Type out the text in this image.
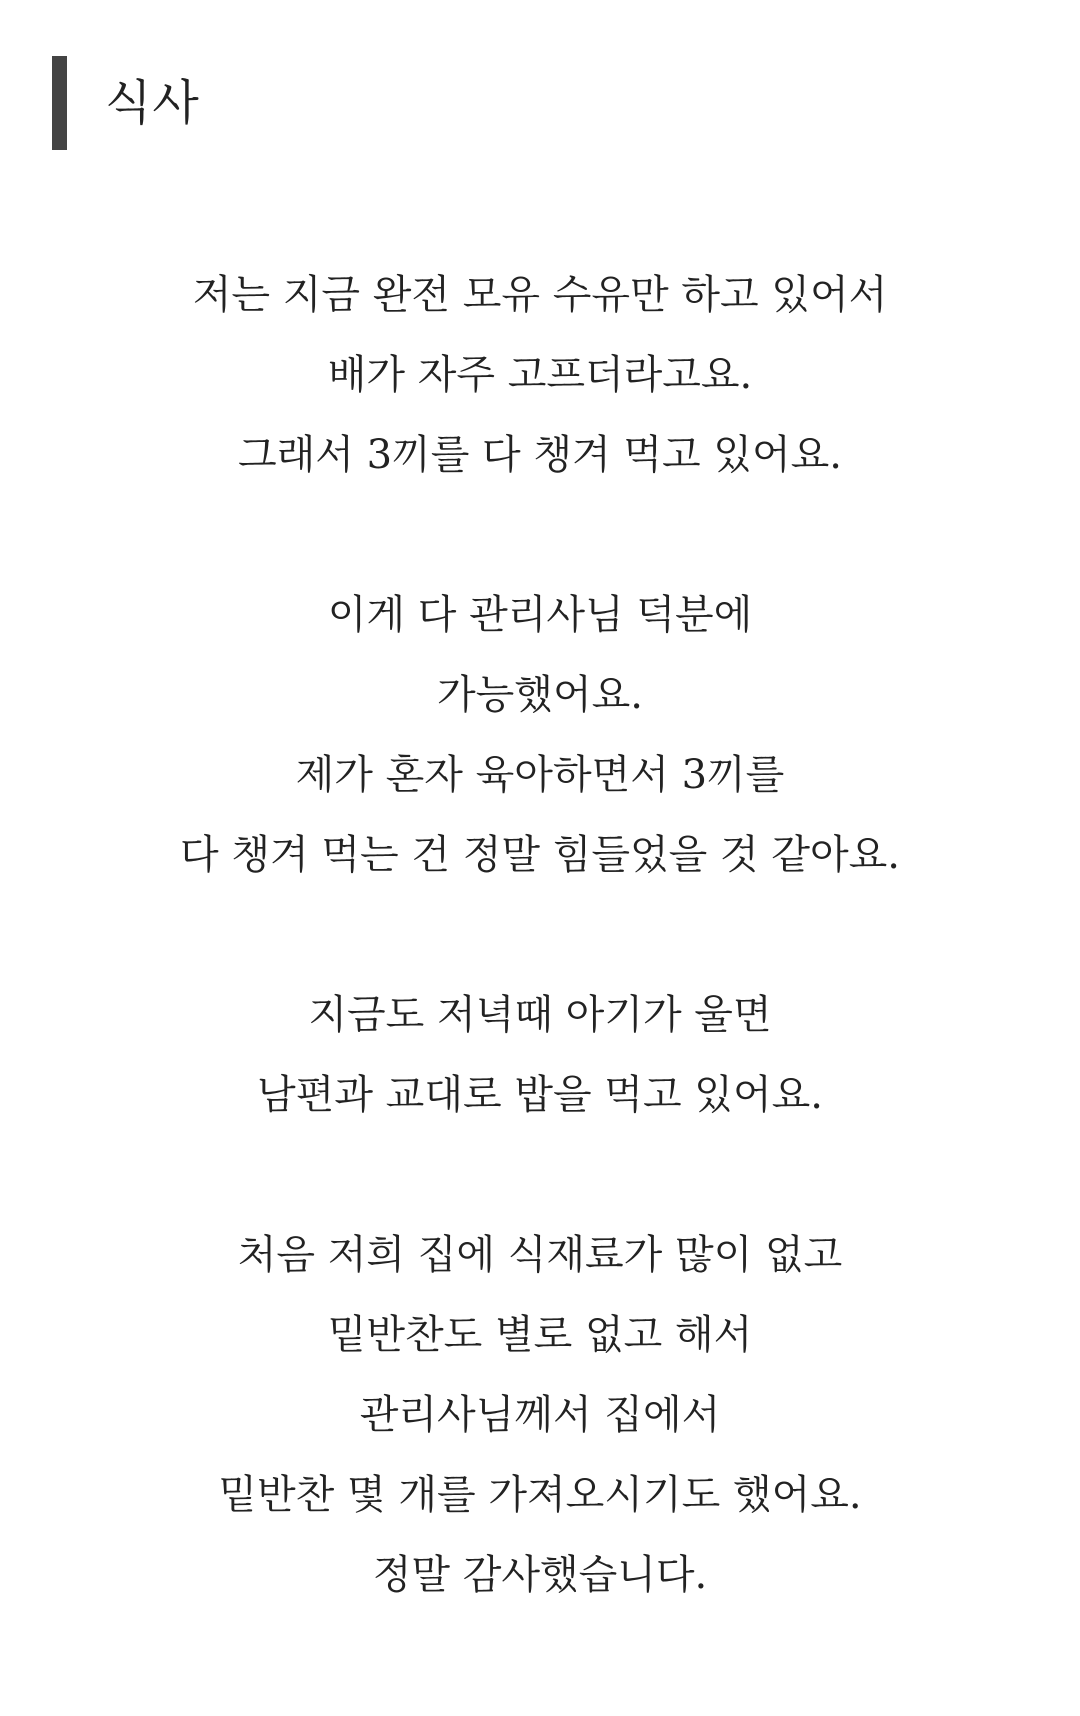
식사
저는 지금 완전 모유 수유만 하고 있어서
배가 자주 고프더라고요.
그래서 3끼를 다 챙겨 먹고 있어요.
이게 다 관리사님 덕분에
가능했어요.
제가 혼자 육아하면서 3끼를
다 챙겨 먹는 건 정말 힘들었을 것 같아요.
지금도 저녁때 아기가 울면
남편과 교대로 밥을 먹고 있어요.
처음 저희 집에 식재료가 많이 없고
밑반찬도 별로 없고 해서
관리사님께서 집에서
밑반찬 몇 개를 가져오시기도 했어요.
정말 감사했습니다.
